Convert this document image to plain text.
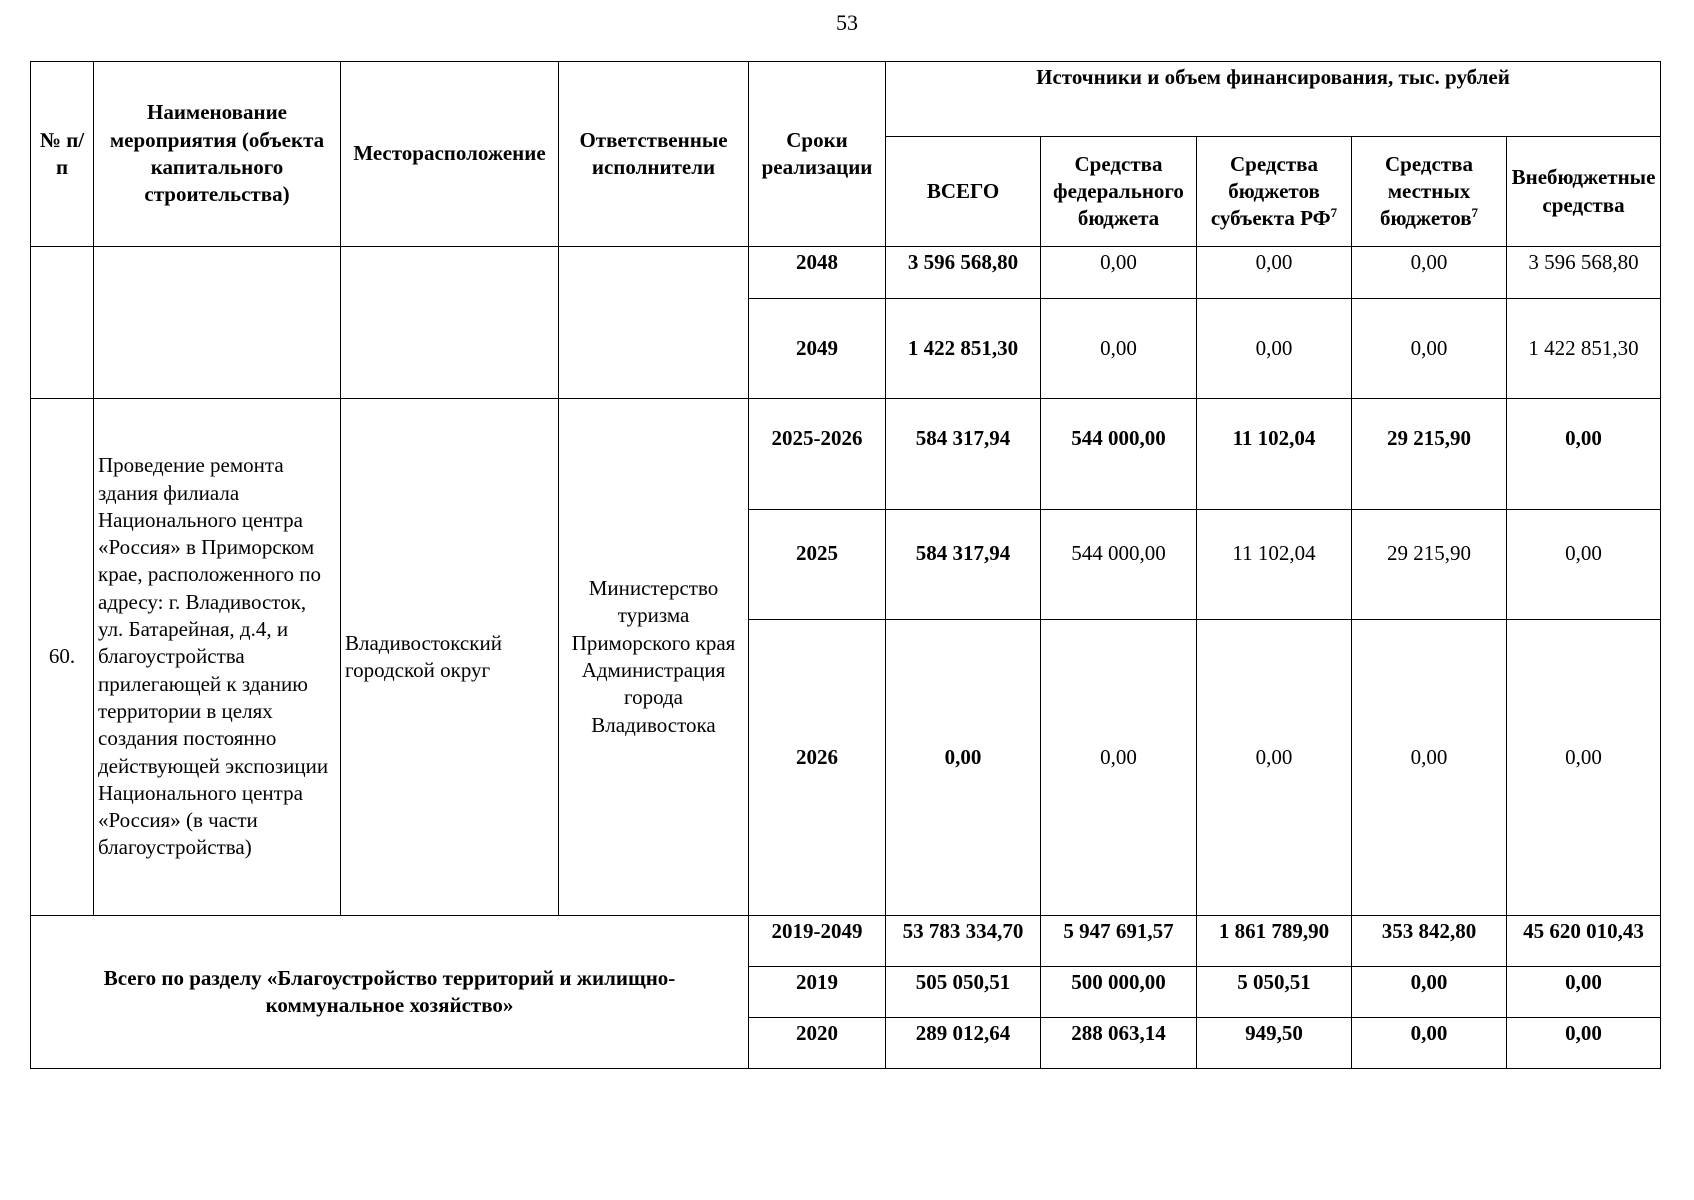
53
№ п/п	Наименование мероприятия (объекта капитального строительства)	Месторасположение	Ответственные исполнители	Сроки реализации	Источники и объем финансирования, тыс. рублей				
					ВСЕГО	Средства федерального бюджета	Средства бюджетов субъекта $РФ^7$	Средства местных бюджетов$^7$	Внебюджетные средства
				2048	3 596 568,80	0,00	0,00	0,00	3 596 568,80
				2049	1 422 851,30	0,00	0,00	0,00	1 422 851,30
60.	Проведение ремонта здания филиала Национального центра «Россия» в Приморском крае, расположенного по адресу: г. Владивосток, ул. Батарейная, д.4, и благоустройства прилегающей к зданию территории в целях создания постоянно действующей экспозиции Национального центра «Россия» (в части благоустройства)	Владивостокский городской округ	Министерство туризма Приморского края Администрация города Владивостока	2025-2026	584 317,94	544 000,00	11 102,04	29 215,90	0,00
				2025	584 317,94	544 000,00	11 102,04	29 215,90	0,00
				2026	0,00	0,00	0,00	0,00	0,00
Всего по разделу «Благоустройство территорий и жилищно-коммунальное хозяйство»				2019-2049	53 783 334,70	5 947 691,57	1 861 789,90	353 842,80	45 620 010,43
				2019	505 050,51	500 000,00	5 050,51	0,00	0,00
				2020	289 012,64	288 063,14	949,50	0,00	0,00
